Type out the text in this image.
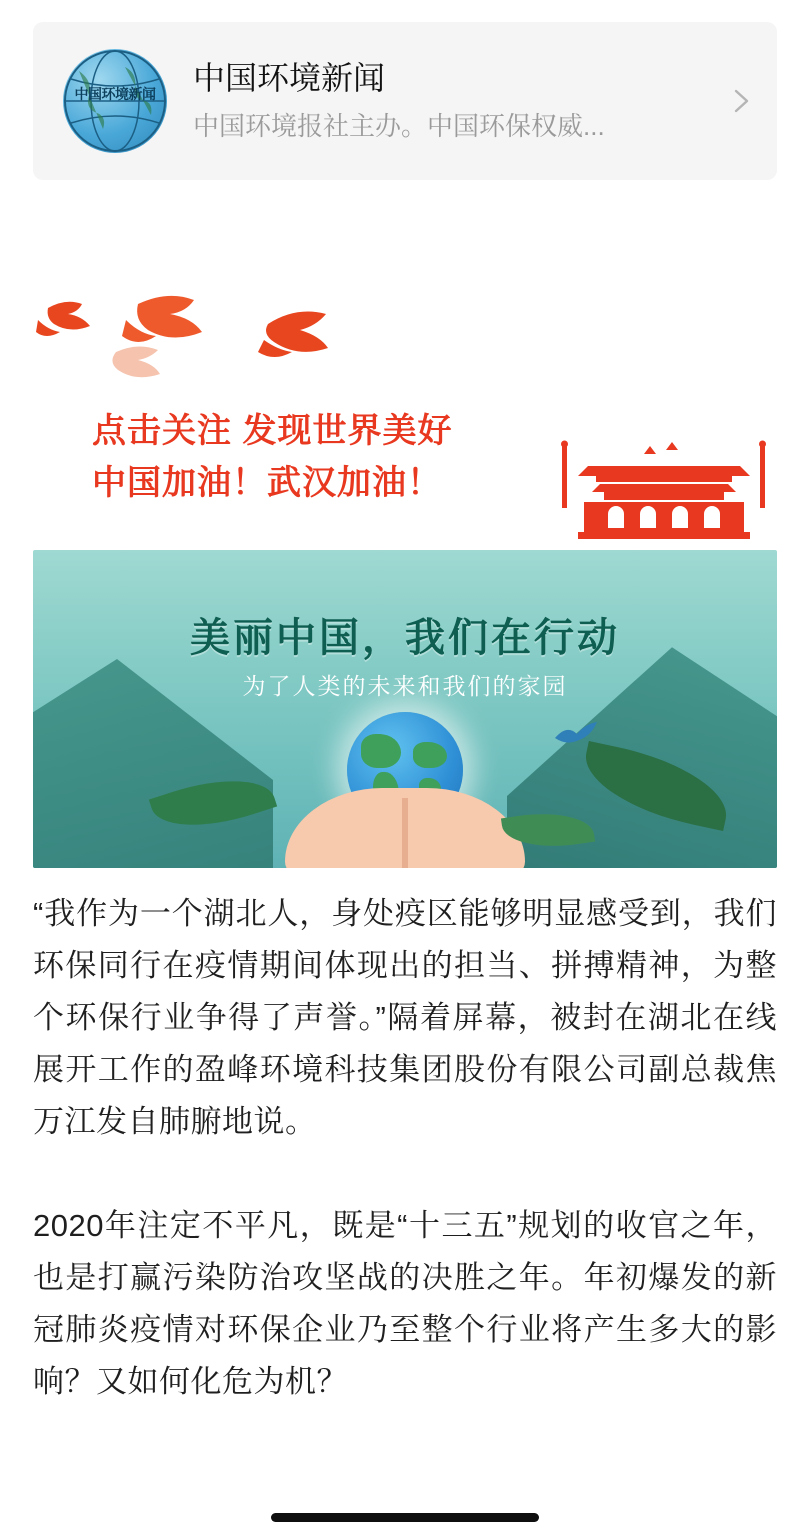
中国环境新闻	中国环境新闻
中国环境报社主办。中国环保权威...
点击关注 发现世界美好
中国加油！武汉加油！
美丽中国，我们在行动
为了人类的未来和我们的家园

“我作为一个湖北人，身处疫区能够明显感受到，我们环保同行在疫情期间体现出的担当、拼搏精神，为整个环保行业争得了声誉。”隔着屏幕，被封在湖北在线展开工作的盈峰环境科技集团股份有限公司副总裁焦万江发自肺腑地说。

2020年注定不平凡，既是“十三五”规划的收官之年，也是打赢污染防治攻坚战的决胜之年。年初爆发的新冠肺炎疫情对环保企业乃至整个行业将产生多大的影响？又如何化危为机？
